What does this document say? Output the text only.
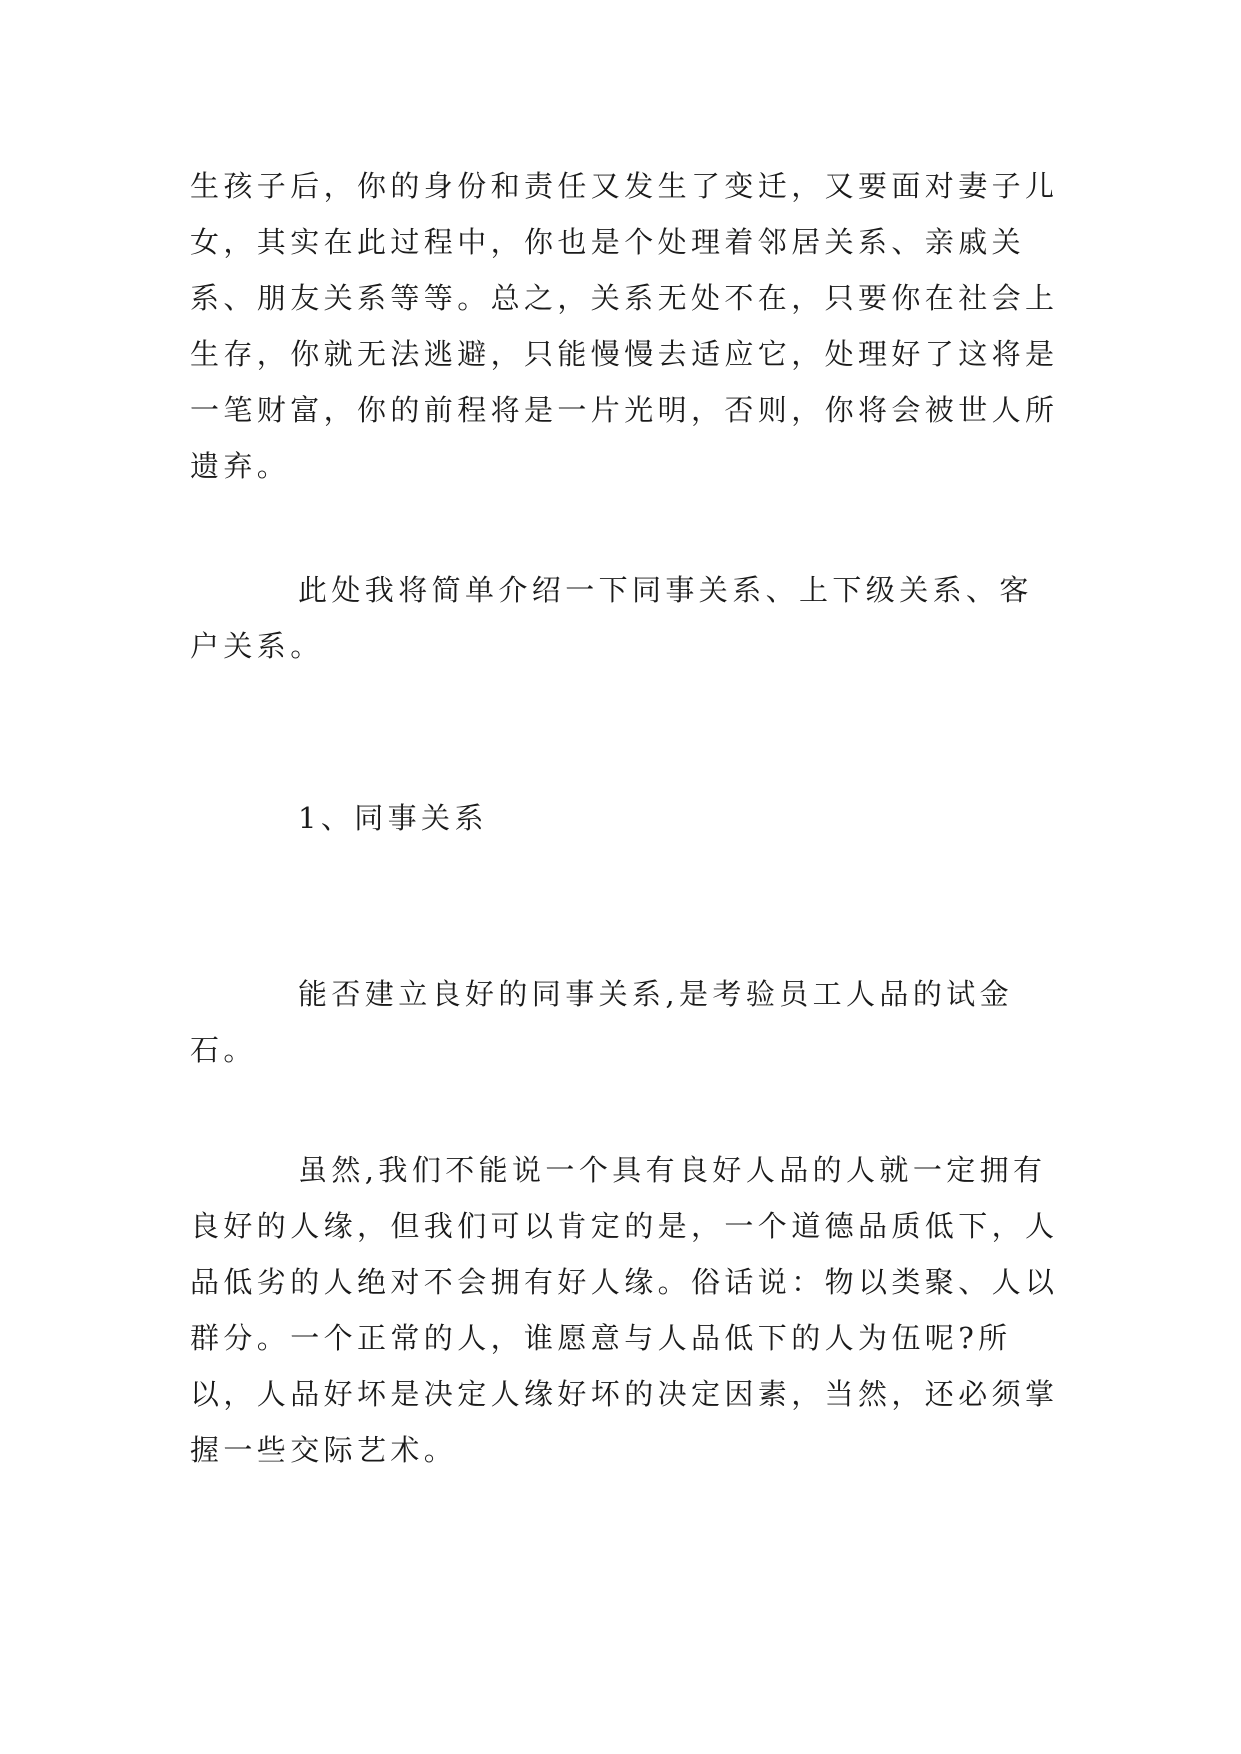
生孩子后，你的身份和责任又发生了变迁，又要面对妻子儿女，其实在此过程中，你也是个处理着邻居关系、亲戚关系、朋友关系等等。总之，关系无处不在，只要你在社会上生存，你就无法逃避，只能慢慢去适应它，处理好了这将是一笔财富，你的前程将是一片光明，否则，你将会被世人所遗弃。

此处我将简单介绍一下同事关系、上下级关系、客户关系。

1、同事关系

能否建立良好的同事关系,是考验员工人品的试金石。

虽然,我们不能说一个具有良好人品的人就一定拥有良好的人缘，但我们可以肯定的是，一个道德品质低下，人品低劣的人绝对不会拥有好人缘。俗话说：物以类聚、人以群分。一个正常的人，谁愿意与人品低下的人为伍呢?所以，人品好坏是决定人缘好坏的决定因素，当然，还必须掌握一些交际艺术。
